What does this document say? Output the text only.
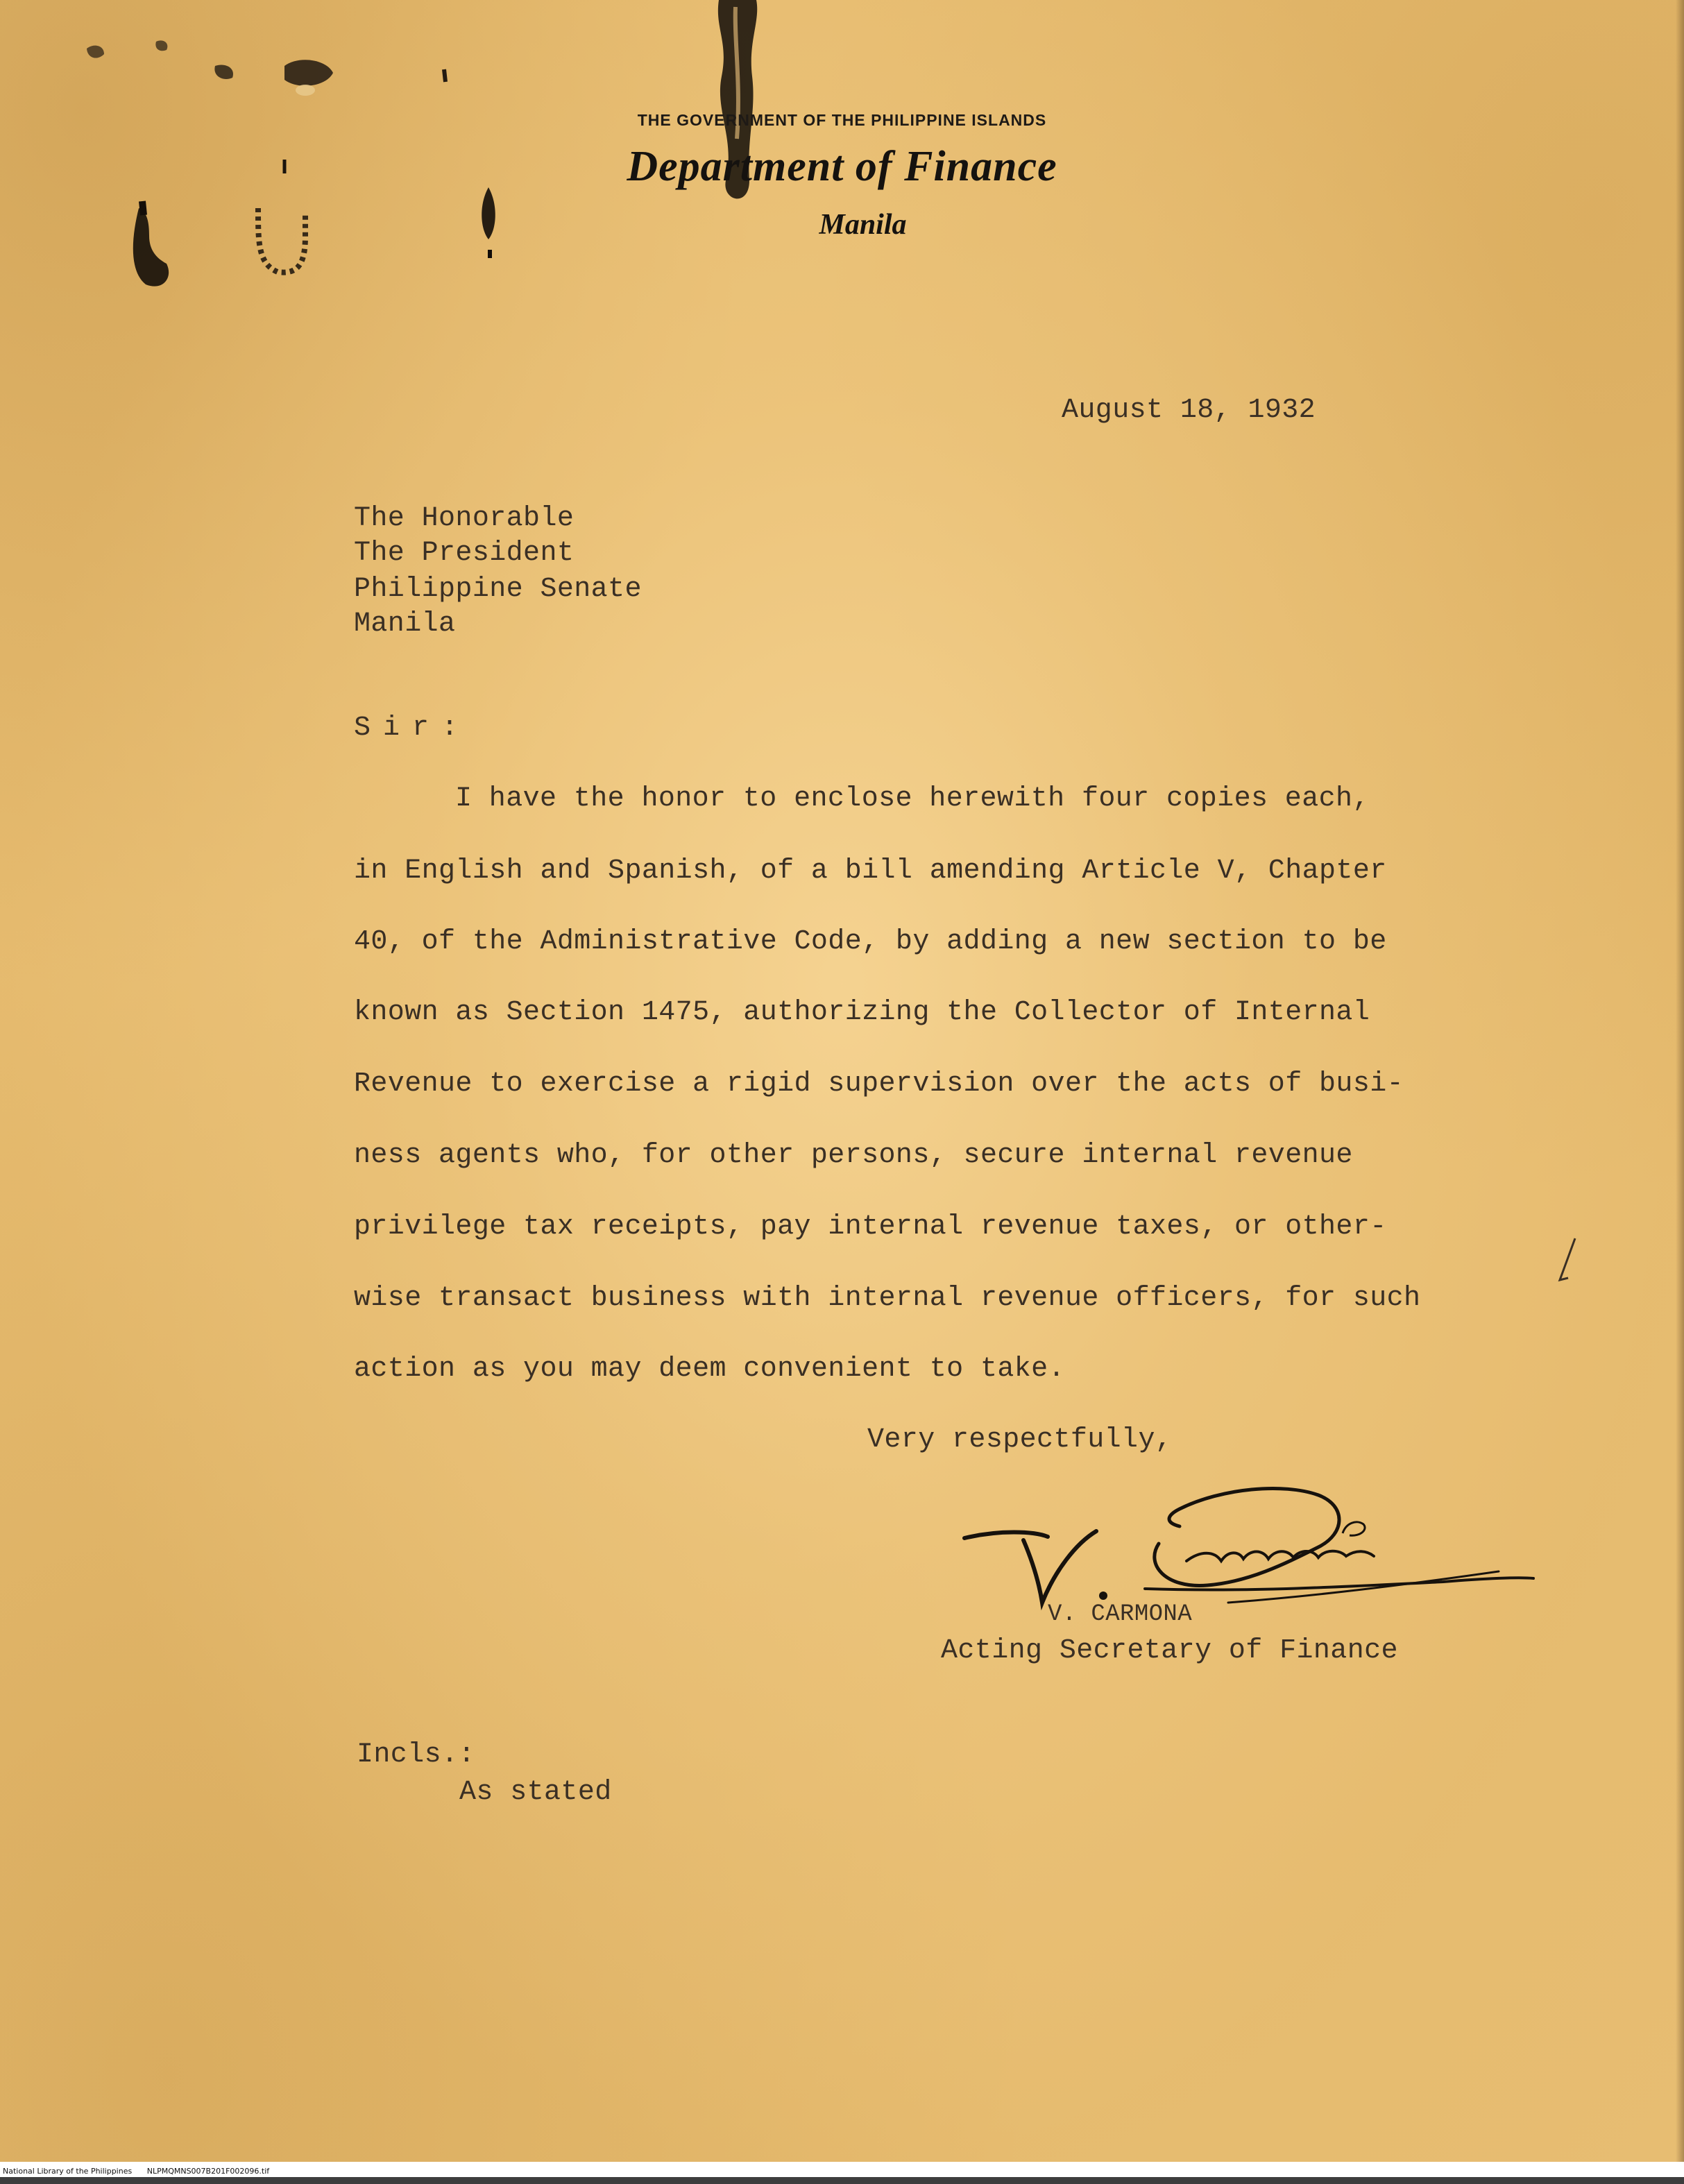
THE GOVERNMENT OF THE PHILIPPINE ISLANDS
Department of Finance
Manila
August 18, 1932
The Honorable
The President
Philippine Senate
Manila
Sir:
I have the honor to enclose herewith four copies each,
in English and Spanish, of a bill amending Article V, Chapter
40, of the Administrative Code, by adding a new section to be
known as Section 1475, authorizing the Collector of Internal
Revenue to exercise a rigid supervision over the acts of busi-
ness agents who, for other persons, secure internal revenue
privilege tax receipts, pay internal revenue taxes, or other-
wise transact business with internal revenue officers, for such
action as you may deem convenient to take.
Very respectfully,
V. CARMONA
Acting Secretary of Finance
Incls.:
As stated
National Library of the Philippines NLPMQMNS007B201F002096.tif
